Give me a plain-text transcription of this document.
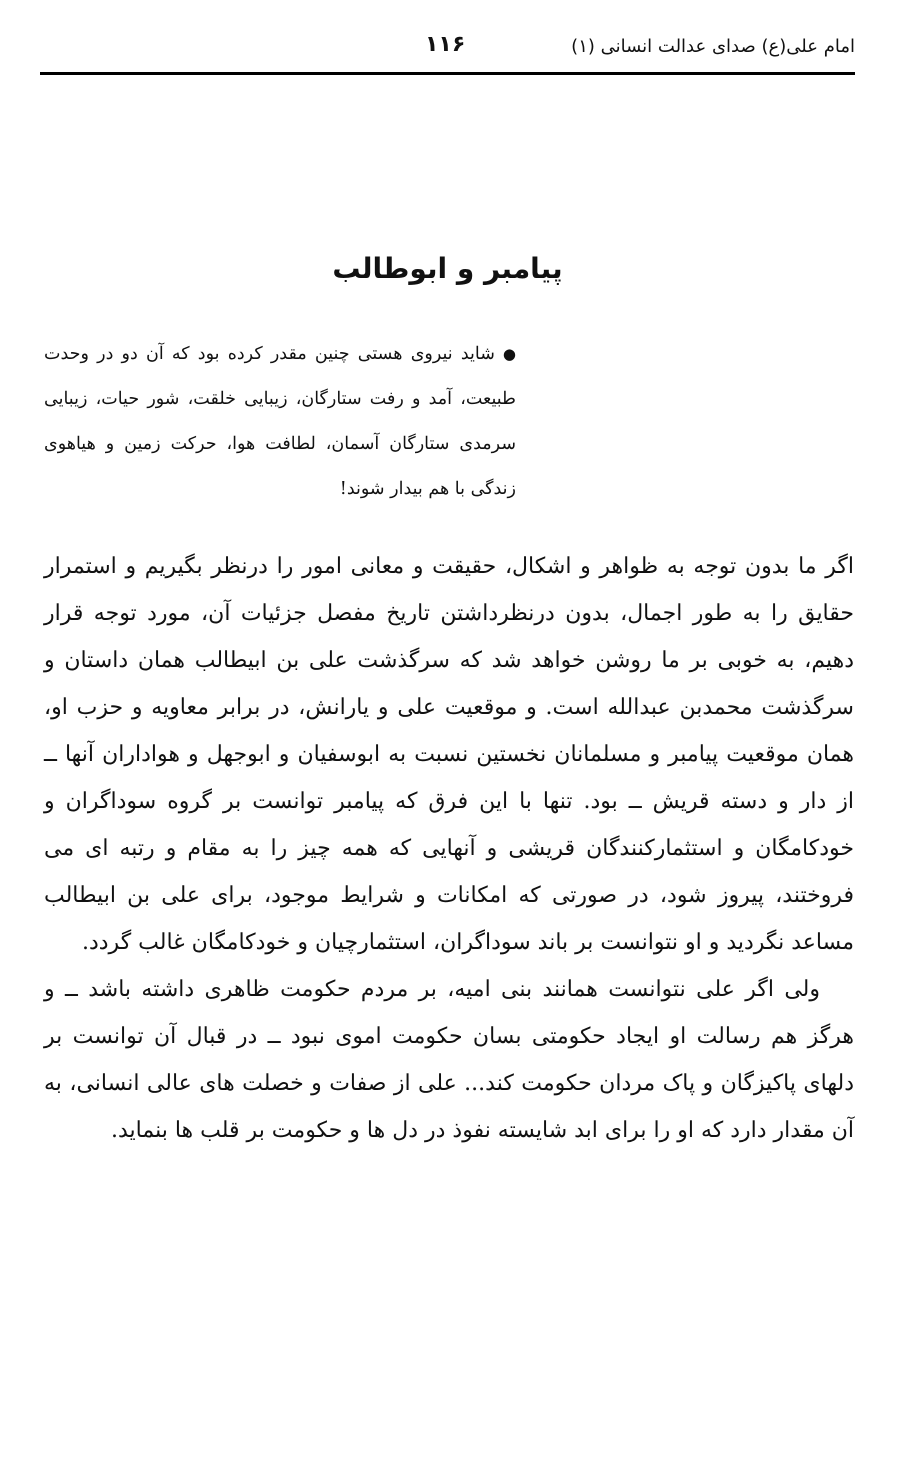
۱۱۶	امام علی(ع) صدای عدالت انسانی (۱)
پیامبر و ابوطالب

●شاید نیروی هستی چنین مقدر کرده بود که آن دو در وحدت طبیعت، آمد و رفت ستارگان، زیبایی خلقت، شور حیات، زیبایی سرمدی ستارگان آسمان، لطافت هوا، حرکت زمین و هیاهوی زندگی با هم بیدار شوند!

اگر ما بدون توجه به ظواهر و اشکال، حقیقت و معانی امور را درنظر بگیریم و استمرار حقایق را به طور اجمال، بدون درنظرداشتن تاریخ مفصل جزئیات آن، مورد توجه قرار دهیم، به خوبی بر ما روشن خواهد شد که سرگذشت علی بن ابیطالب همان داستان و سرگذشت محمدبن عبدالله است. و موقعیت علی و یارانش، در برابر معاویه و حزب او، همان موقعیت پیامبر و مسلمانان نخستین نسبت به ابوسفیان و ابوجهل و هواداران آنها ــ از دار و دسته قریش ــ بود. تنها با این فرق که پیامبر توانست بر گروه سوداگران و خودکامگان و استثمارکنندگان قریشی و آنهایی که همه چیز را به مقام و رتبه ای می فروختند، پیروز شود، در صورتی که امکانات و شرایط موجود، برای علی بن ابیطالب مساعد نگردید و او نتوانست بر باند سوداگران، استثمارچیان و خودکامگان غالب گردد.

ولی اگر علی نتوانست همانند بنی امیه، بر مردم حکومت ظاهری داشته باشد ــ و هرگز هم رسالت او ایجاد حکومتی بسان حکومت اموی نبود ــ در قبال آن توانست بر دلهای پاکیزگان و پاک مردان حکومت کند... علی از صفات و خصلت های عالی انسانی، به آن مقدار دارد که او را برای ابد شایسته نفوذ در دل ها و حکومت بر قلب ها بنماید.
